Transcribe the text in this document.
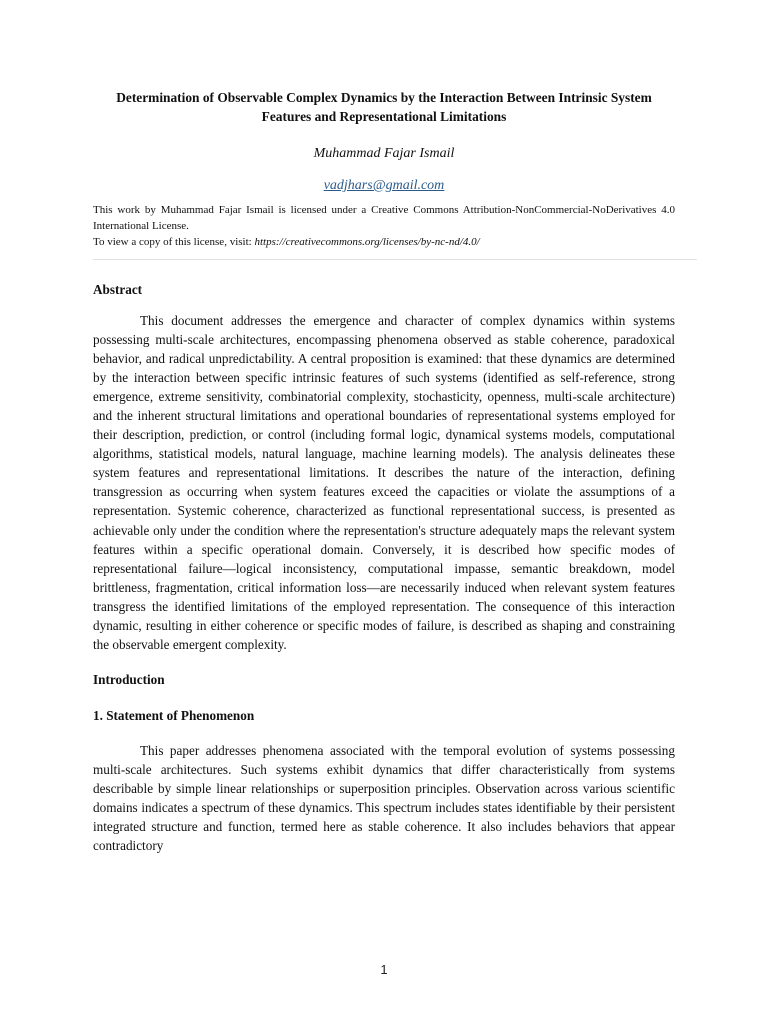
Determination of Observable Complex Dynamics by the Interaction Between Intrinsic System Features and Representational Limitations
Muhammad Fajar Ismail
vadjhars@gmail.com
This work by Muhammad Fajar Ismail is licensed under a Creative Commons Attribution-NonCommercial-NoDerivatives 4.0 International License.
To view a copy of this license, visit: https://creativecommons.org/licenses/by-nc-nd/4.0/
Abstract

This document addresses the emergence and character of complex dynamics within systems possessing multi-scale architectures, encompassing phenomena observed as stable coherence, paradoxical behavior, and radical unpredictability. A central proposition is examined: that these dynamics are determined by the interaction between specific intrinsic features of such systems (identified as self-reference, strong emergence, extreme sensitivity, combinatorial complexity, stochasticity, openness, multi-scale architecture) and the inherent structural limitations and operational boundaries of representational systems employed for their description, prediction, or control (including formal logic, dynamical systems models, computational algorithms, statistical models, natural language, machine learning models). The analysis delineates these system features and representational limitations. It describes the nature of the interaction, defining transgression as occurring when system features exceed the capacities or violate the assumptions of a representation. Systemic coherence, characterized as functional representational success, is presented as achievable only under the condition where the representation's structure adequately maps the relevant system features within a specific operational domain. Conversely, it is described how specific modes of representational failure—logical inconsistency, computational impasse, semantic breakdown, model brittleness, fragmentation, critical information loss—are necessarily induced when relevant system features transgress the identified limitations of the employed representation. The consequence of this interaction dynamic, resulting in either coherence or specific modes of failure, is described as shaping and constraining the observable emergent complexity.

Introduction
1. Statement of Phenomenon

This paper addresses phenomena associated with the temporal evolution of systems possessing multi-scale architectures. Such systems exhibit dynamics that differ characteristically from systems describable by simple linear relationships or superposition principles. Observation across various scientific domains indicates a spectrum of these dynamics. This spectrum includes states identifiable by their persistent integrated structure and function, termed here as stable coherence. It also includes behaviors that appear contradictory

1
